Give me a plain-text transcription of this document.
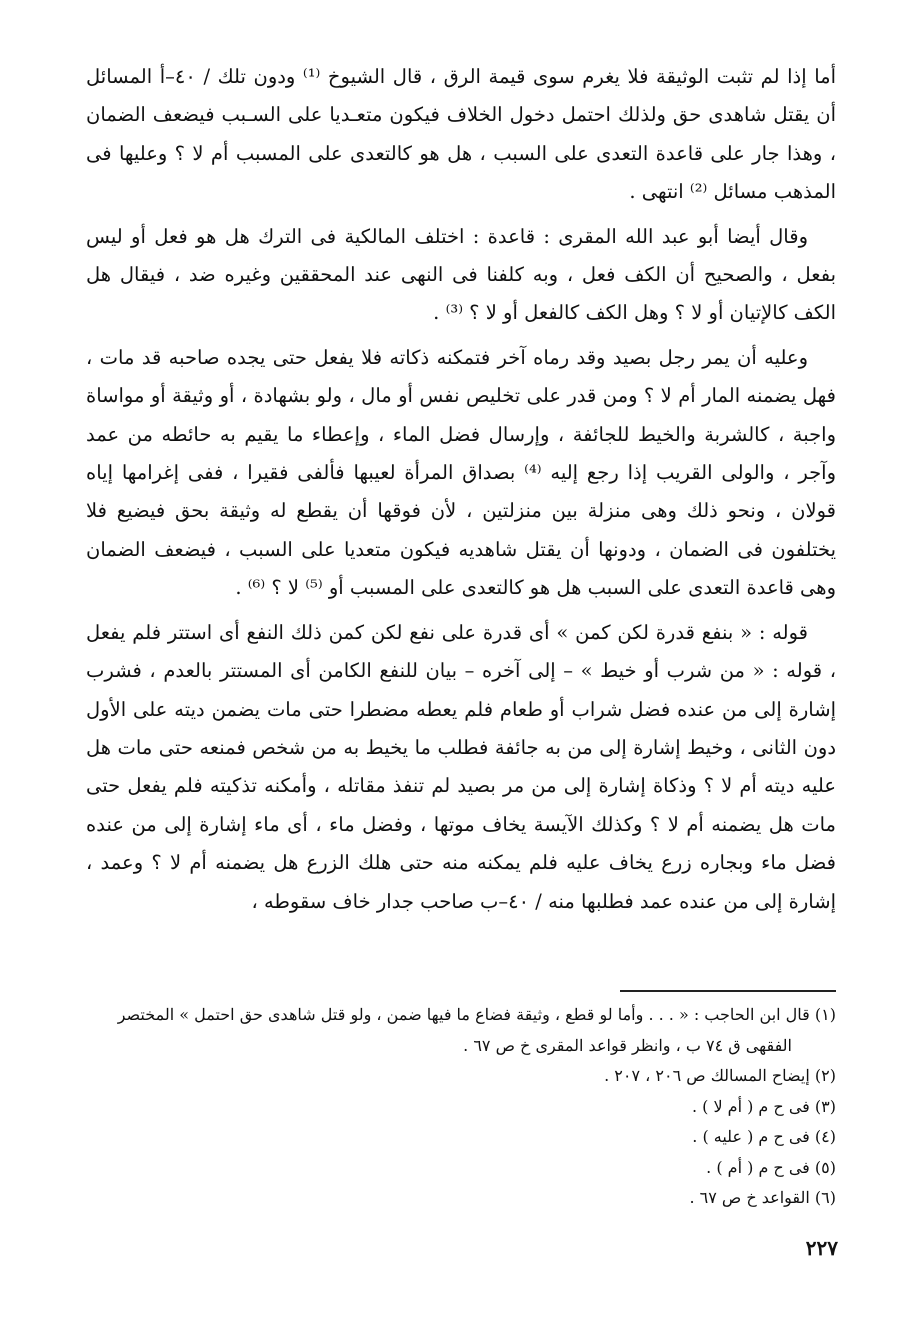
أما إذا لم تثبت الوثيقة فلا يغرم سوى قيمة الرق ، قال الشيوخ ⁽¹⁾ ودون تلك / ٤٠–أ المسائل أن يقتل شاهدى حق ولذلك احتمل دخول الخلاف فيكون متعـديا على السـبب فيضعف الضمان ، وهذا جار على قاعدة التعدى على السبب ، هل هو كالتعدى على المسبب أم لا ؟ وعليها فى المذهب مسائل ⁽²⁾ انتهى .

وقال أيضا أبو عبد الله المقرى : قاعدة : اختلف المالكية فى الترك هل هو فعل أو ليس بفعل ، والصحيح أن الكف فعل ، وبه كلفنا فى النهى عند المحققين وغيره ضد ، فيقال هل الكف كالإتيان أو لا ؟ وهل الكف كالفعل أو لا ؟ ⁽³⁾ .

وعليه أن يمر رجل بصيد وقد رماه آخر فتمكنه ذكاته فلا يفعل حتى يجده صاحبه قد مات ، فهل يضمنه المار أم لا ؟ ومن قدر على تخليص نفس أو مال ، ولو بشهادة ، أو وثيقة أو مواساة واجبة ، كالشربة والخيط للجائفة ، وإرسال فضل الماء ، وإعطاء ما يقيم به حائطه من عمد وآجر ، والولى القريب إذا رجع إليه ⁽⁴⁾ بصداق المرأة لعيبها فألفى فقيرا ، ففى إغرامها إياه قولان ، ونحو ذلك وهى منزلة بين منزلتين ، لأن فوقها أن يقطع له وثيقة بحق فيضيع فلا يختلفون فى الضمان ، ودونها أن يقتل شاهديه فيكون متعديا على السبب ، فيضعف الضمان وهى قاعدة التعدى على السبب هل هو كالتعدى على المسبب أو ⁽⁵⁾ لا ؟ ⁽⁶⁾ .

قوله : « بنفع قدرة لكن كمن » أى قدرة على نفع لكن كمن ذلك النفع أى استتر فلم يفعل ، قوله : « من شرب أو خيط » – إلى آخره – بيان للنفع الكامن أى المستتر بالعدم ، فشرب إشارة إلى من عنده فضل شراب أو طعام فلم يعطه مضطرا حتى مات يضمن ديته على الأول دون الثانى ، وخيط إشارة إلى من به جائفة فطلب ما يخيط به من شخص فمنعه حتى مات هل عليه ديته أم لا ؟ وذكاة إشارة إلى من مر بصيد لم تنفذ مقاتله ، وأمكنه تذكيته فلم يفعل حتى مات هل يضمنه أم لا ؟ وكذلك الآيسة يخاف موتها ، وفضل ماء ، أى ماء إشارة إلى من عنده فضل ماء وبجاره زرع يخاف عليه فلم يمكنه منه حتى هلك الزرع هل يضمنه أم لا ؟ وعمد ، إشارة إلى من عنده عمد فطلبها منه / ٤٠–ب صاحب جدار خاف سقوطه ،

(١) قال ابن الحاجب : « . . . وأما لو قطع ، وثيقة فضاع ما فيها ضمن ، ولو قتل شاهدى حق احتمل » المختصر

الفقهى ق ٧٤ ب ، وانظر قواعد المقرى خ ص ٦٧ .

(٢) إيضاح المسالك ص ٢٠٦ ، ٢٠٧ .

(٣) فى ح م ( أم لا ) .

(٤) فى ح م ( عليه ) .

(٥) فى ح م ( أم ) .

(٦) القواعد خ ص ٦٧ .

٢٢٧
